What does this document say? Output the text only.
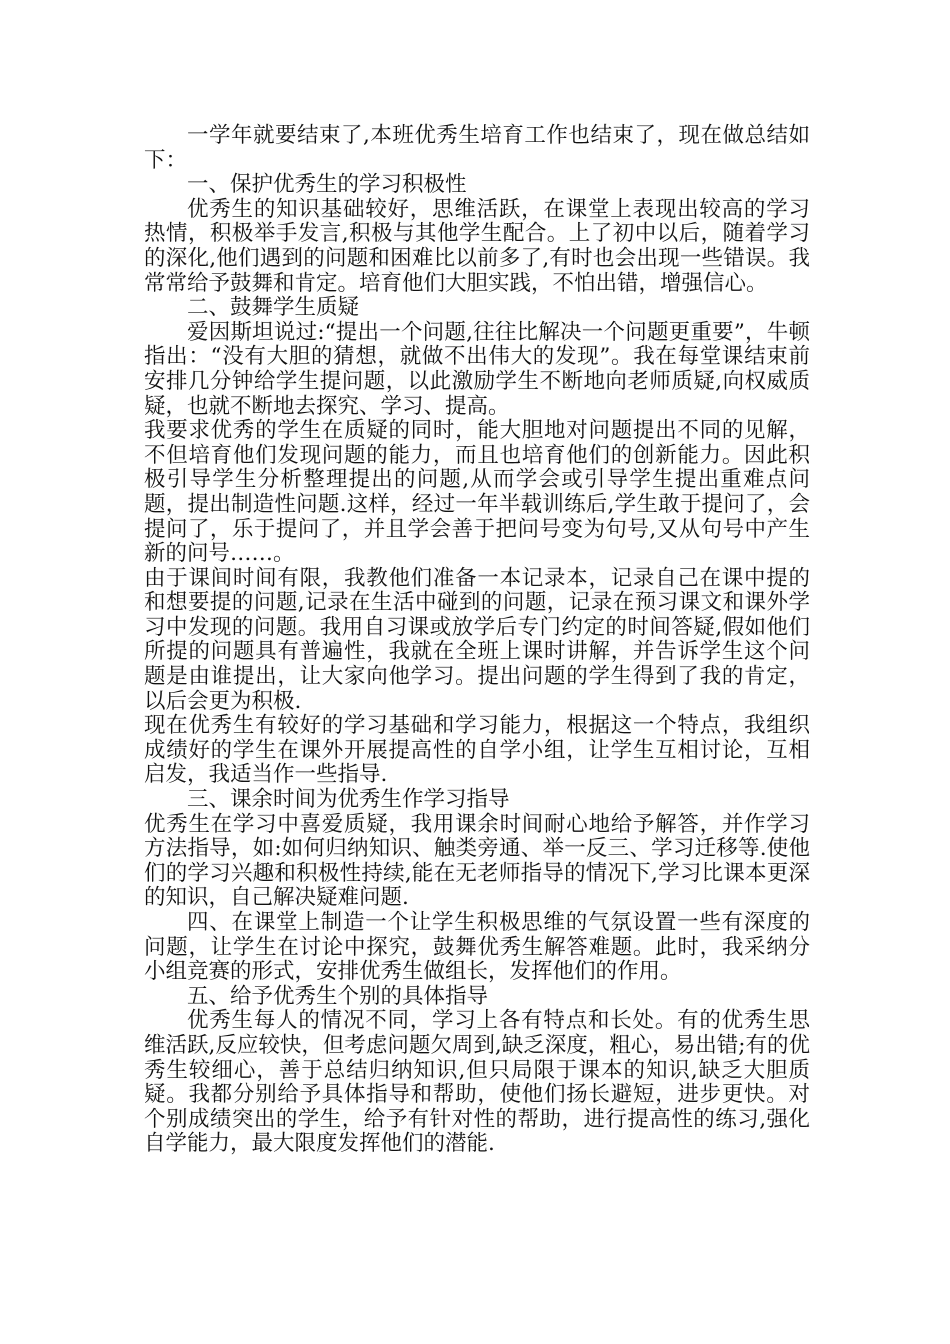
一学年就要结束了,本班优秀生培育工作也结束了，现在做总结如下：

一、保护优秀生的学习积极性

优秀生的知识基础较好，思维活跃，在课堂上表现出较高的学习热情，积极举手发言,积极与其他学生配合。上了初中以后，随着学习的深化,他们遇到的问题和困难比以前多了,有时也会出现一些错误。我常常给予鼓舞和肯定。培育他们大胆实践，不怕出错，增强信心。

二、鼓舞学生质疑

爱因斯坦说过:“提出一个问题,往往比解决一个问题更重要”，牛顿指出：“没有大胆的猜想，就做不出伟大的发现”。我在每堂课结束前安排几分钟给学生提问题，以此激励学生不断地向老师质疑,向权威质疑，也就不断地去探究、学习、提高。

我要求优秀的学生在质疑的同时，能大胆地对问题提出不同的见解，不但培育他们发现问题的能力，而且也培育他们的创新能力。因此积极引导学生分析整理提出的问题,从而学会或引导学生提出重难点问题，提出制造性问题.这样，经过一年半载训练后,学生敢于提问了，会提问了，乐于提问了，并且学会善于把问号变为句号,又从句号中产生新的问号……。

由于课间时间有限，我教他们准备一本记录本，记录自己在课中提的和想要提的问题,记录在生活中碰到的问题，记录在预习课文和课外学习中发现的问题。我用自习课或放学后专门约定的时间答疑,假如他们所提的问题具有普遍性，我就在全班上课时讲解，并告诉学生这个问题是由谁提出，让大家向他学习。提出问题的学生得到了我的肯定，以后会更为积极.

现在优秀生有较好的学习基础和学习能力，根据这一个特点，我组织成绩好的学生在课外开展提高性的自学小组，让学生互相讨论，互相启发，我适当作一些指导.

三、课余时间为优秀生作学习指导

优秀生在学习中喜爱质疑，我用课余时间耐心地给予解答，并作学习方法指导，如:如何归纳知识、触类旁通、举一反三、学习迁移等.使他们的学习兴趣和积极性持续,能在无老师指导的情况下,学习比课本更深的知识，自己解决疑难问题.

四、在课堂上制造一个让学生积极思维的气氛设置一些有深度的问题，让学生在讨论中探究，鼓舞优秀生解答难题。此时，我采纳分小组竞赛的形式，安排优秀生做组长，发挥他们的作用。

五、给予优秀生个别的具体指导

优秀生每人的情况不同，学习上各有特点和长处。有的优秀生思维活跃,反应较快，但考虑问题欠周到,缺乏深度，粗心，易出错;有的优秀生较细心，善于总结归纳知识,但只局限于课本的知识,缺乏大胆质疑。我都分别给予具体指导和帮助，使他们扬长避短，进步更快。对个别成绩突出的学生，给予有针对性的帮助，进行提高性的练习,强化自学能力，最大限度发挥他们的潜能.
